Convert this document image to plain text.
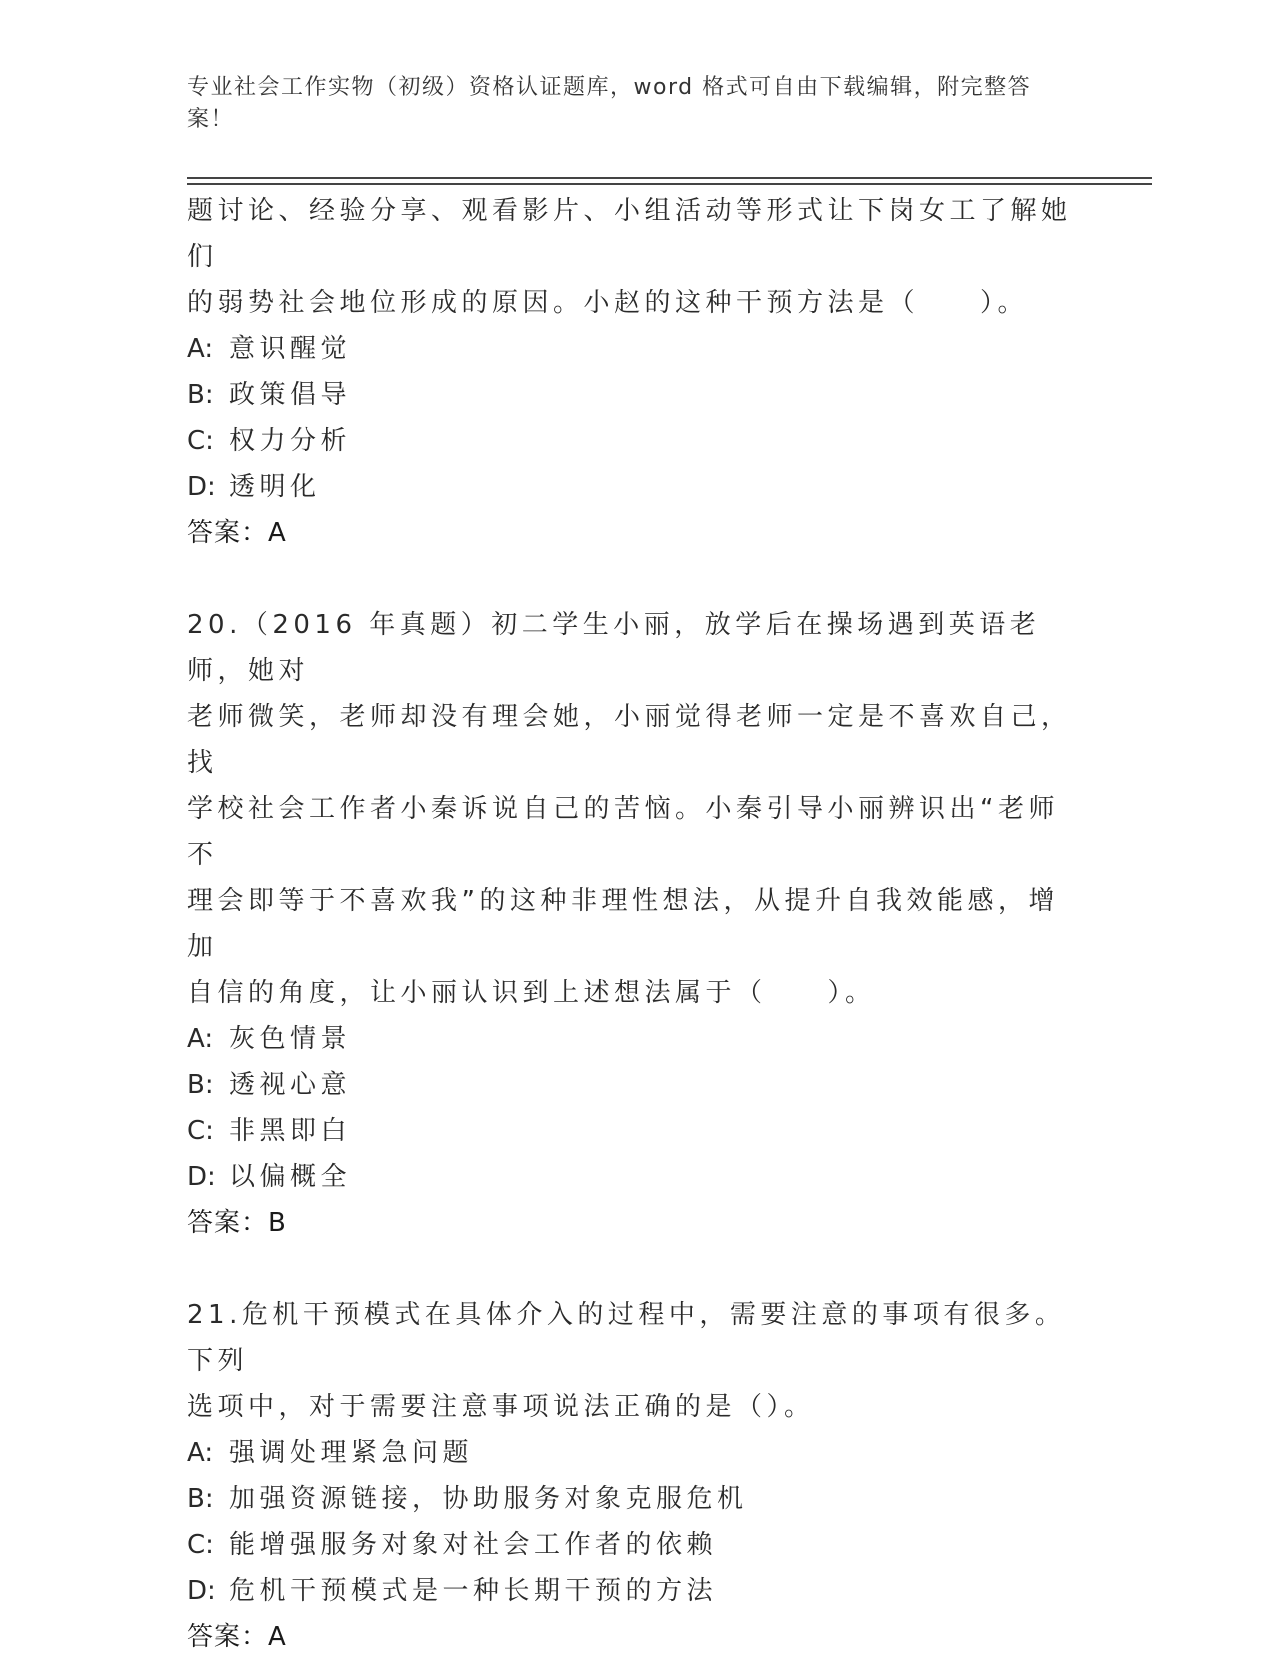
专业社会工作实物（初级）资格认证题库，word 格式可自由下载编辑，附完整答案！

题讨论、经验分享、观看影片、小组活动等形式让下岗女工了解她们

的弱势社会地位形成的原因。小赵的这种干预方法是（　　）。

A: 意识醒觉

B: 政策倡导

C: 权力分析

D: 透明化

答案：A

20.（2016 年真题）初二学生小丽，放学后在操场遇到英语老师，她对

老师微笑，老师却没有理会她，小丽觉得老师一定是不喜欢自己，找

学校社会工作者小秦诉说自己的苦恼。小秦引导小丽辨识出“老师不

理会即等于不喜欢我”的这种非理性想法，从提升自我效能感，增加

自信的角度，让小丽认识到上述想法属于（　　）。

A: 灰色情景

B: 透视心意

C: 非黑即白

D: 以偏概全

答案：B

21.危机干预模式在具体介入的过程中，需要注意的事项有很多。下列

选项中，对于需要注意事项说法正确的是（）。

A: 强调处理紧急问题

B: 加强资源链接，协助服务对象克服危机

C: 能增强服务对象对社会工作者的依赖

D: 危机干预模式是一种长期干预的方法

答案：A
